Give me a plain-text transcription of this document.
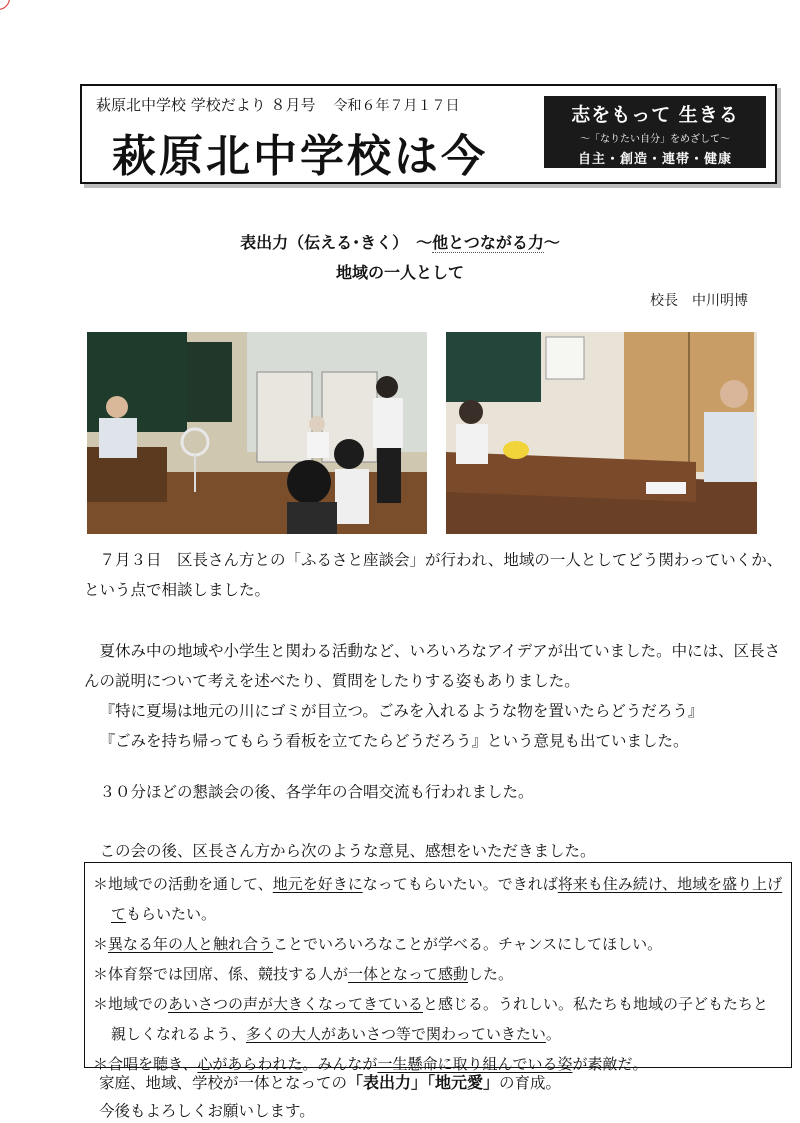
萩原北中学校 学校だより ８月号 令和６年７月１７日
萩原北中学校は今
志をもって 生きる
～「なりたい自分」をめざして～
自主・創造・連帯・健康
表出力（伝える･きく）　～他とつながる力～
地域の一人として
校長　中川明博

　７月３日　区長さん方との「ふるさと座談会」が行われ、地域の一人としてどう関わっていくか、という点で相談しました。

　夏休み中の地域や小学生と関わる活動など、いろいろなアイデアが出ていました。中には、区長さんの説明について考えを述べたり、質問をしたりする姿もありました。
『特に夏場は地元の川にゴミが目立つ。ごみを入れるような物を置いたらどうだろう』
『ごみを持ち帰ってもらう看板を立てたらどうだろう』という意見も出ていました。

　３０分ほどの懇談会の後、各学年の合唱交流も行われました。

　この会の後、区長さん方から次のような意見、感想をいただきました。

＊地域での活動を通して、地元を好きになってもらいたい。できれば将来も住み続け、地域を盛り上げてもらいたい。
＊異なる年の人と触れ合うことでいろいろなことが学べる。チャンスにしてほしい。
＊体育祭では団席、係、競技する人が一体となって感動した。
＊地域でのあいさつの声が大きくなってきていると感じる。うれしい。私たちも地域の子どもたちと親しくなれるよう、多くの大人があいさつ等で関わっていきたい。
＊合唱を聴き、心があらわれた。みんなが一生懸命に取り組んでいる姿が素敵だ。
家庭、地域、学校が一体となっての「表出力」「地元愛」の育成。
今後もよろしくお願いします。
